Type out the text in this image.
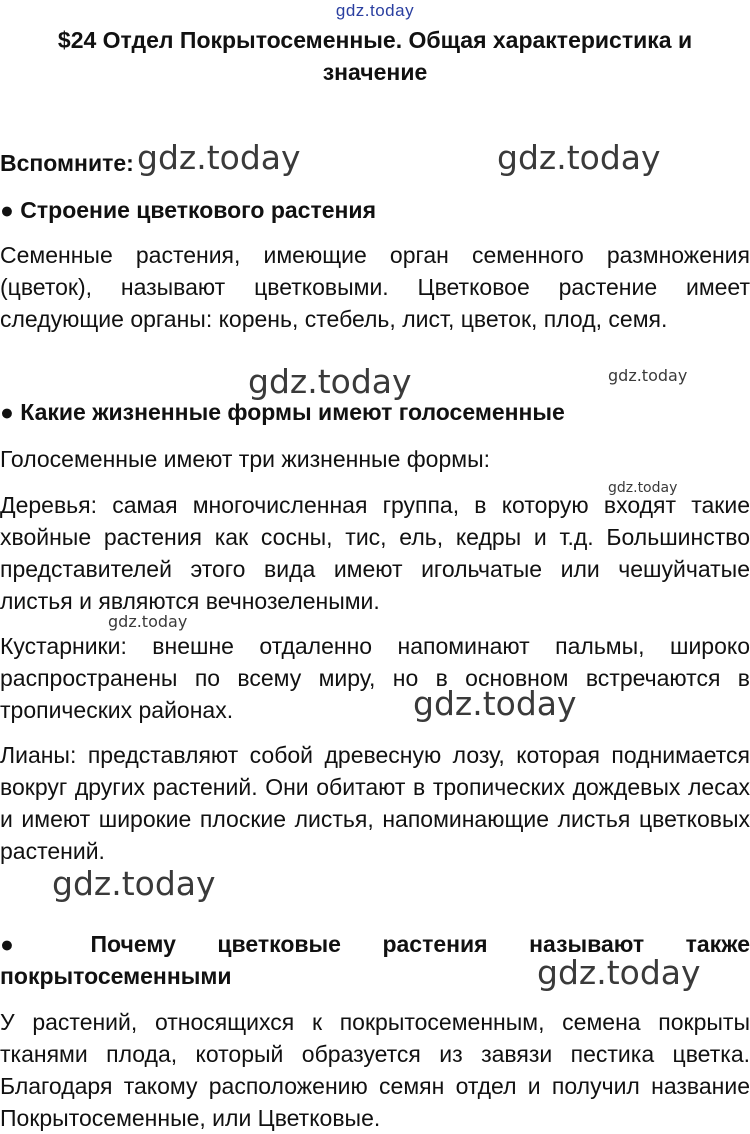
gdz.today
$24 Отдел Покрытосеменные. Общая характеристика и значение
Вспомните:
● Строение цветкового растения

Семенные растения, имеющие орган семенного размножения (цветок), называют цветковыми. Цветковое растение имеет следующие органы: корень, стебель, лист, цветок, плод, семя.

● Какие жизненные формы имеют голосеменные

Голосеменные имеют три жизненные формы:

Деревья: самая многочисленная группа, в которую входят такие хвойные растения как сосны, тис, ель, кедры и т.д. Большинство представителей этого вида имеют игольчатые или чешуйчатые листья и являются вечнозелеными.

Кустарники: внешне отдаленно напоминают пальмы, широко распространены по всему миру, но в основном встречаются в тропических районах.

Лианы: представляют собой древесную лозу, которая поднимается вокруг других растений. Они обитают в тропических дождевых лесах и имеют широкие плоские листья, напоминающие листья цветковых растений.

● Почему цветковые растения называют также покрытосеменными

У растений, относящихся к покрытосеменным, семена покрыты тканями плода, который образуется из завязи пестика цветка. Благодаря такому расположению семян отдел и получил название Покрытосеменные, или Цветковые.

gdz.today	gdz.today
gdz.today	gdz.today
gdz.today
gdz.today
gdz.today
gdz.today
gdz.today
